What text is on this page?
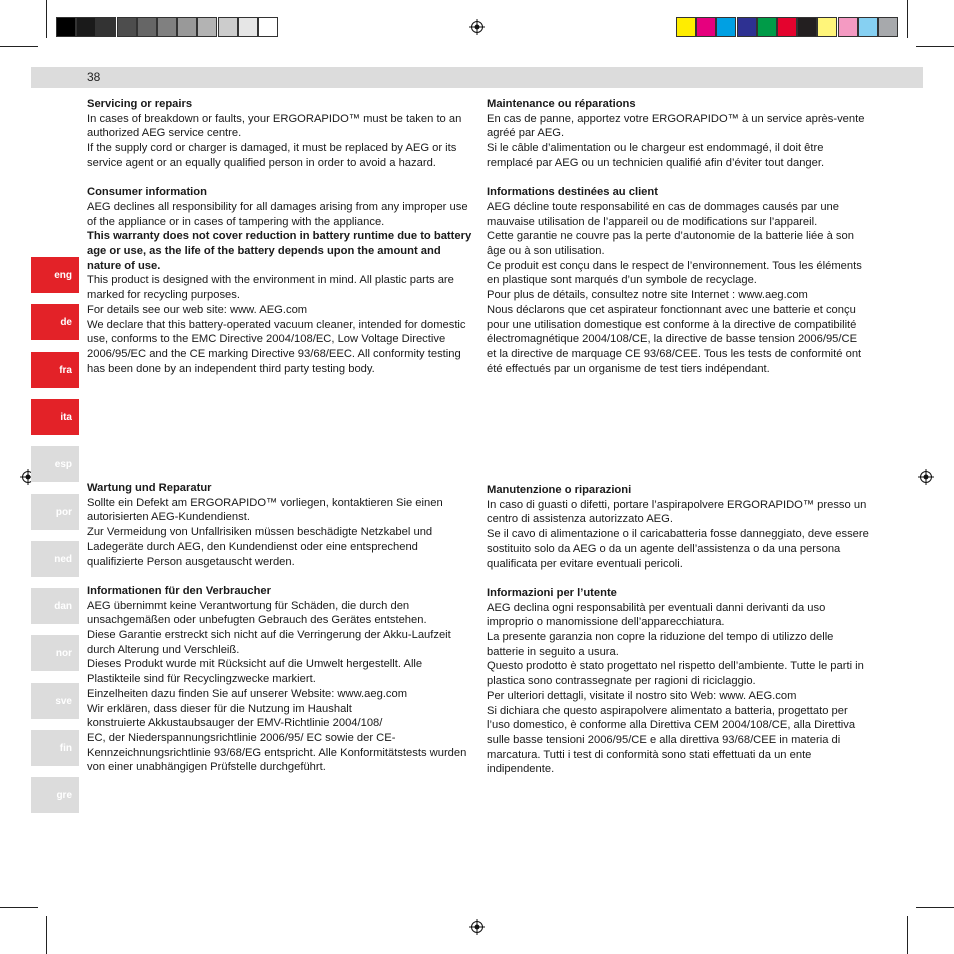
38
eng
de
fra
ita
esp
por
ned
dan
nor
sve
fin
gre

Servicing or repairs

In cases of breakdown or faults, your ERGORAPIDO™ must be taken to an authorized AEG service centre.

If the supply cord or charger is damaged, it must be replaced by AEG or its service agent or an equally qualified person in order to avoid a hazard.

Consumer information

AEG declines all responsibility for all damages arising from any improper use of the appliance or in cases of tampering with the appliance.

This warranty does not cover reduction in battery runtime due to battery age or use, as the life of the battery depends upon the amount and nature of use.

This product is designed with the environment in mind. All plastic parts are marked for recycling purposes.

For details see our web site: www. AEG.com

We declare that this battery-operated vacuum cleaner, intended for domestic use, conforms to the EMC Directive 2004/108/EC, Low Voltage Directive 2006/95/EC and the CE marking Directive 93/68/EEC. All conformity testing has been done by an independent third party testing body.

Maintenance ou réparations

En cas de panne, apportez votre ERGORAPIDO™ à un service après-vente agréé par AEG.

Si le câble d’alimentation ou le chargeur est endommagé, il doit être remplacé par AEG ou un technicien qualifié afin d’éviter tout danger.

Informations destinées au client

AEG décline toute responsabilité en cas de dommages causés par une mauvaise utilisation de l’appareil ou de modifications sur l’appareil.

Cette garantie ne couvre pas la perte d’autonomie de la batterie liée à son âge ou à son utilisation.

Ce produit est conçu dans le respect de l’environnement. Tous les éléments en plastique sont marqués d’un symbole de recyclage.

Pour plus de détails, consultez notre site Internet : www.aeg.com

Nous déclarons que cet aspirateur fonctionnant avec une batterie et conçu pour une utilisation domestique est conforme à la directive de compatibilité électromagnétique 2004/108/CE, la directive de basse tension 2006/95/CE et la directive de marquage CE 93/68/CEE. Tous les tests de conformité ont été effectués par un organisme de test tiers indépendant.

Wartung und Reparatur

Sollte ein Defekt am ERGORAPIDO™ vorliegen, kontaktieren Sie einen autorisierten AEG-Kundendienst.

Zur Vermeidung von Unfallrisiken müssen beschädigte Netzkabel und Ladegeräte durch AEG, den Kundendienst oder eine entsprechend qualifizierte Person ausgetauscht werden.

Informationen für den Verbraucher

AEG übernimmt keine Verantwortung für Schäden, die durch den unsachgemäßen oder unbefugten Gebrauch des Gerätes entstehen.

Diese Garantie erstreckt sich nicht auf die Verringerung der Akku-Laufzeit durch Alterung und Verschleiß.

Dieses Produkt wurde mit Rücksicht auf die Umwelt hergestellt. Alle Plastikteile sind für Recyclingzwecke markiert.

Einzelheiten dazu finden Sie auf unserer Website: www.aeg.com

Wir erklären, dass dieser für die Nutzung im Haushalt

konstruierte Akkustaubsauger der EMV-Richtlinie 2004/108/

EC, der Niederspannungsrichtlinie 2006/95/ EC sowie der CE-Kennzeichnungsrichtlinie 93/68/EG entspricht. Alle Konformitätstests wurden von einer unabhängigen Prüfstelle durchgeführt.

Manutenzione o riparazioni

In caso di guasti o difetti, portare l’aspirapolvere ERGORAPIDO™ presso un centro di assistenza autorizzato AEG.

Se il cavo di alimentazione o il caricabatteria fosse danneggiato, deve essere sostituito solo da AEG o da un agente dell’assistenza o da una persona qualificata per evitare eventuali pericoli.

Informazioni per l’utente

AEG declina ogni responsabilità per eventuali danni derivanti da uso improprio o manomissione dell’apparecchiatura.

La presente garanzia non copre la riduzione del tempo di utilizzo delle batterie in seguito a usura.

Questo prodotto è stato progettato nel rispetto dell’ambiente. Tutte le parti in plastica sono contrassegnate per ragioni di riciclaggio.

Per ulteriori dettagli, visitate il nostro sito Web: www. AEG.com

Si dichiara che questo aspirapolvere alimentato a batteria, progettato per l’uso domestico, è conforme alla Direttiva CEM 2004/108/CE, alla Direttiva sulle basse tensioni 2006/95/CE e alla direttiva 93/68/CEE in materia di marcatura. Tutti i test di conformità sono stati effettuati da un ente indipendente.
